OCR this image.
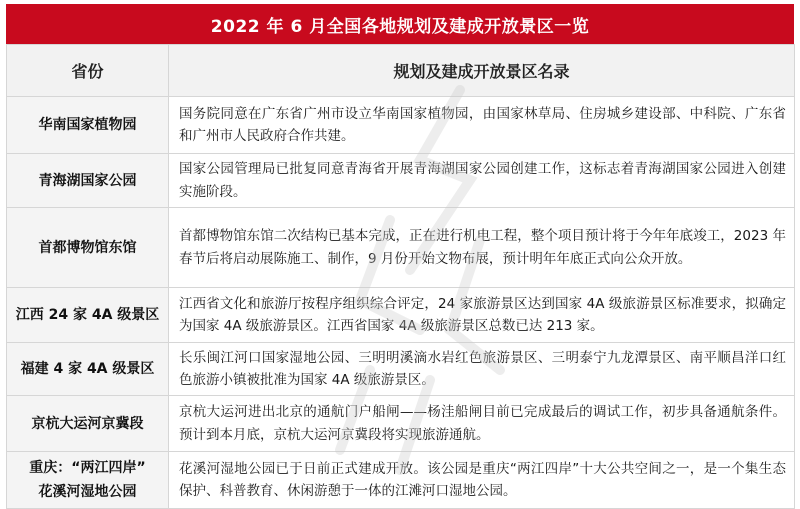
2022 年 6 月全国各地规划及建成开放景区一览
省份	规划及建成开放景区名录
华南国家植物园	国务院同意在广东省广州市设立华南国家植物园，由国家林草局、住房城乡建设部、中科院、广东省和广州市人民政府合作共建。
青海湖国家公园	国家公园管理局已批复同意青海省开展青海湖国家公园创建工作，这标志着青海湖国家公园进入创建实施阶段。
首都博物馆东馆	首都博物馆东馆二次结构已基本完成，正在进行机电工程，整个项目预计将于今年年底竣工，2023 年春节后将启动展陈施工、制作，9 月份开始文物布展，预计明年年底正式向公众开放。
江西 24 家 4A 级景区	江西省文化和旅游厅按程序组织综合评定，24 家旅游景区达到国家 4A 级旅游景区标准要求，拟确定为国家 4A 级旅游景区。江西省国家 4A 级旅游景区总数已达 213 家。
福建 4 家 4A 级景区	长乐闽江河口国家湿地公园、三明明溪滴水岩红色旅游景区、三明泰宁九龙潭景区、南平顺昌洋口红色旅游小镇被批准为国家 4A 级旅游景区。
京杭大运河京冀段	京杭大运河进出北京的通航门户船闸——杨洼船闸目前已完成最后的调试工作，初步具备通航条件。预计到本月底，京杭大运河京冀段将实现旅游通航。

重庆：“两江四岸”
花溪河湿地公园	花溪河湿地公园已于日前正式建成开放。该公园是重庆“两江四岸”十大公共空间之一，是一个集生态保护、科普教育、休闲游憩于一体的江滩河口湿地公园。
